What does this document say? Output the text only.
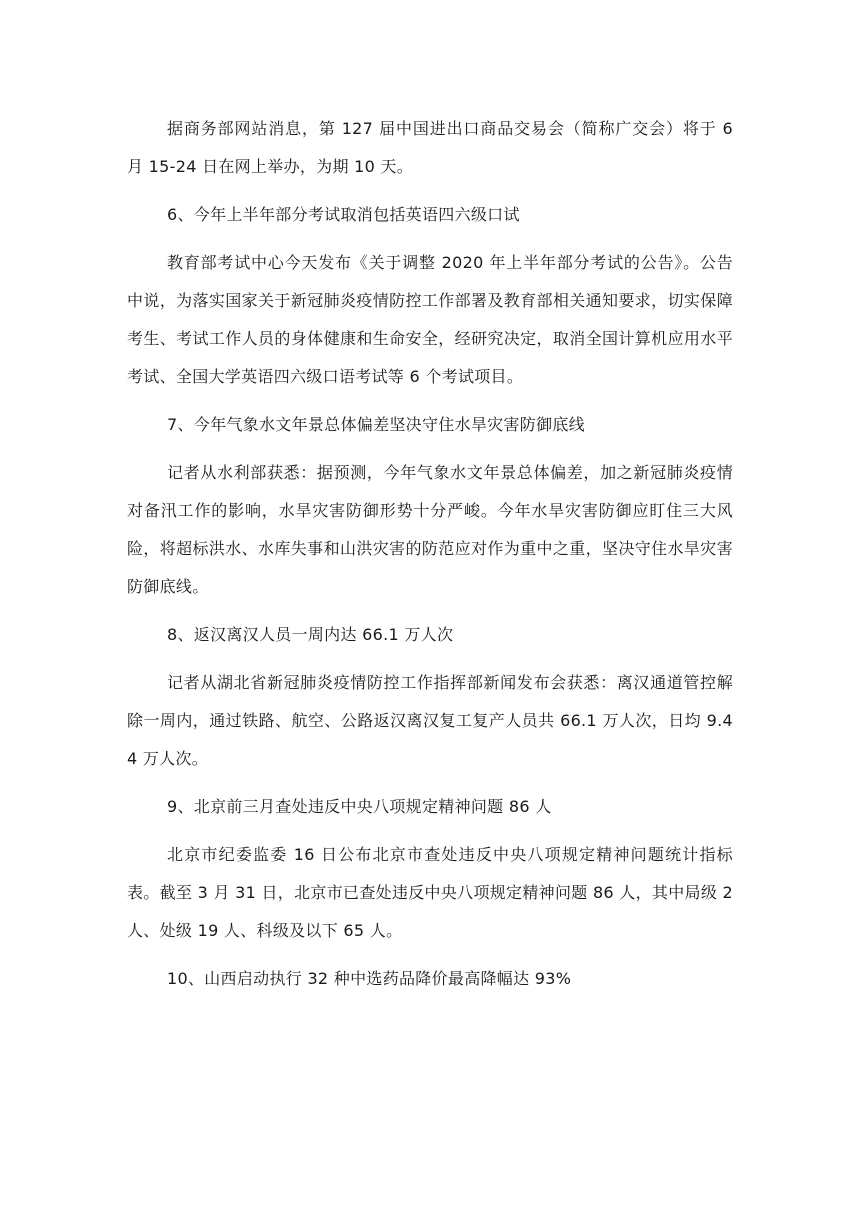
据商务部网站消息，第 127 届中国进出口商品交易会（简称广交会）将于 6 月 15-24 日在网上举办，为期 10 天。

6、今年上半年部分考试取消包括英语四六级口试

教育部考试中心今天发布《关于调整 2020 年上半年部分考试的公告》。公告中说，为落实国家关于新冠肺炎疫情防控工作部署及教育部相关通知要求，切实保障考生、考试工作人员的身体健康和生命安全，经研究决定，取消全国计算机应用水平考试、全国大学英语四六级口语考试等 6 个考试项目。

7、今年气象水文年景总体偏差坚决守住水旱灾害防御底线

记者从水利部获悉：据预测，今年气象水文年景总体偏差，加之新冠肺炎疫情对备汛工作的影响，水旱灾害防御形势十分严峻。今年水旱灾害防御应盯住三大风险，将超标洪水、水库失事和山洪灾害的防范应对作为重中之重，坚决守住水旱灾害防御底线。

8、返汉离汉人员一周内达 66.1 万人次

记者从湖北省新冠肺炎疫情防控工作指挥部新闻发布会获悉：离汉通道管控解除一周内，通过铁路、航空、公路返汉离汉复工复产人员共 66.1 万人次，日均 9.44 万人次。

9、北京前三月查处违反中央八项规定精神问题 86 人

北京市纪委监委 16 日公布北京市查处违反中央八项规定精神问题统计指标表。截至 3 月 31 日，北京市已查处违反中央八项规定精神问题 86 人，其中局级 2 人、处级 19 人、科级及以下 65 人。

10、山西启动执行 32 种中选药品降价最高降幅达 93%
